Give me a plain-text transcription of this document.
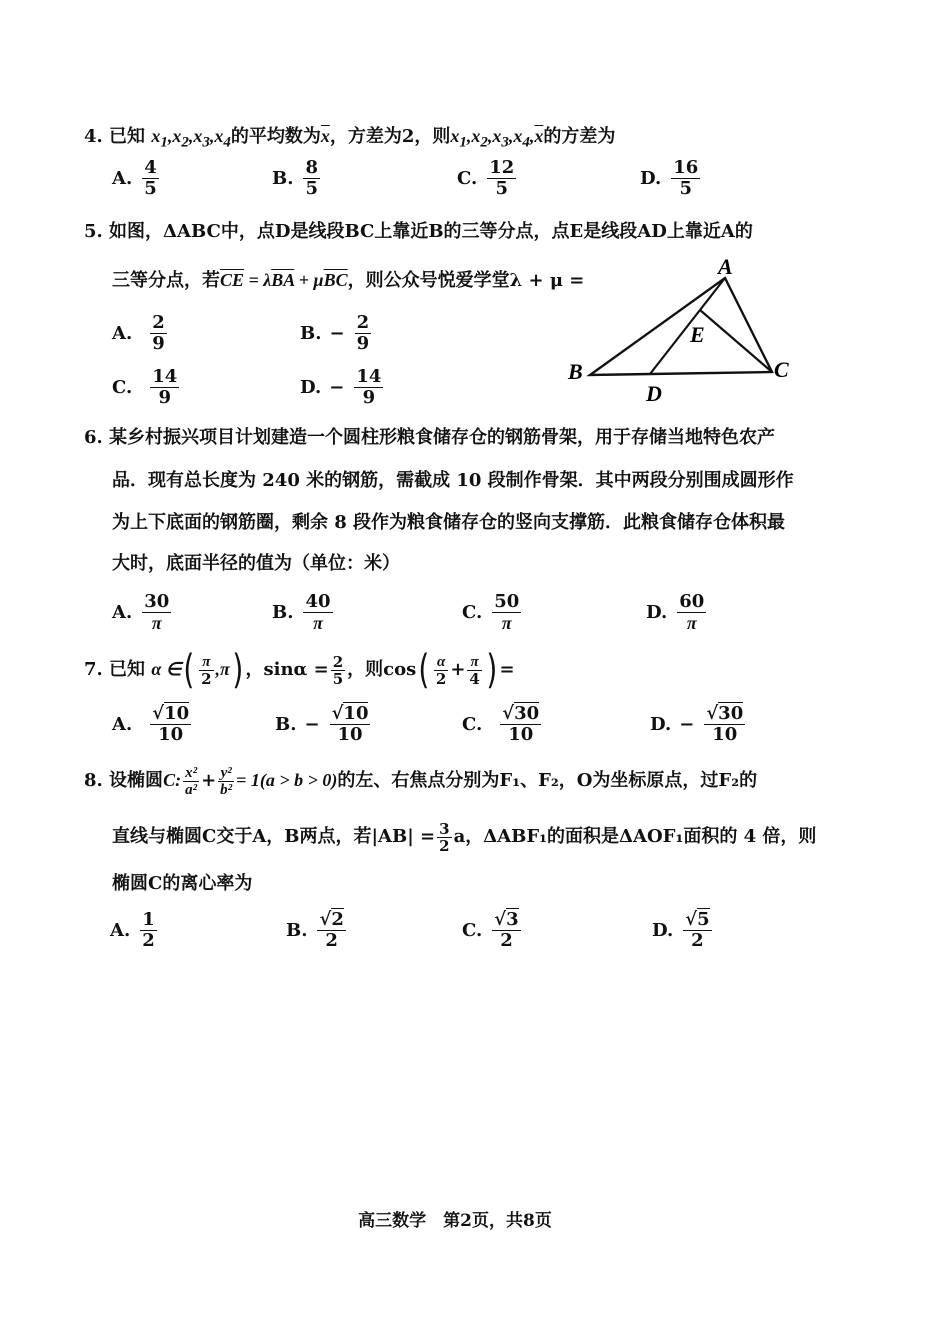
4. 已知 $x_1,x_2,x_3,x_4$的平均数为$\overline{x}$，方差为2，则$x_1,x_2,x_3,x_4,\overline{x}$的方差为
A. $\frac{4}{5}$	B. $\frac{8}{5}$	C. $\frac{12}{5}$	D. $\frac{16}{5}$
5. 如图，ΔABC中，点D是线段BC上靠近B的三等分点，点E是线段AD上靠近A的
三等分点，若$\overline{CE} = \lambda\overline{BA} + \mu\overline{BC}$，则公众号悦爱学堂λ + μ =
A. $\frac{2}{9}$	B. − $\frac{2}{9}$
C. $\frac{14}{9}$	D. − $\frac{14}{9}$
A
B	C
D
E
6. 某乡村振兴项目计划建造一个圆柱形粮食储存仓的钢筋骨架，用于存储当地特色农产
品．现有总长度为 240 米的钢筋，需截成 10 段制作骨架．其中两段分别围成圆形作
为上下底面的钢筋圈，剩余 8 段作为粮食储存仓的竖向支撑筋．此粮食储存仓体积最
大时，底面半径的值为（单位：米）
A. $\frac{30}{\pi}$	B. $\frac{40}{\pi}$	C. $\frac{50}{\pi}$	D. $\frac{60}{\pi}$
7. 已知 α ∈( $\frac{\pi}{2} ,\pi$) ，$\sin\alpha = \frac{2}{5}$ ，则$\cos( \frac{\alpha}{2} + \frac{\pi}{4}$ ) =
A. $\frac{√10}{10}$	B. − $\frac{√10}{10}$	C. $\frac{√30}{10}$	D. − $\frac{√30}{10}$
8. 设椭圆C: $\frac{\text{x²}}{\text{a²}} + \frac{\text{y²}}{\text{b²}} = 1(a > b > 0)$的左、右焦点分别为F₁、F₂，O为坐标原点，过F₂的
直线与椭圆C交于A，B两点，若$|AB| = \frac{3}{2}$ a，ΔABF₁的面积是ΔAOF₁面积的 4 倍，则
椭圆C的离心率为
A. $\frac{1}{2}$	B. $\frac{√2}{2}$	C. $\frac{√3}{2}$	D. $\frac{√5}{2}$
高三数学　第2页，共8页
